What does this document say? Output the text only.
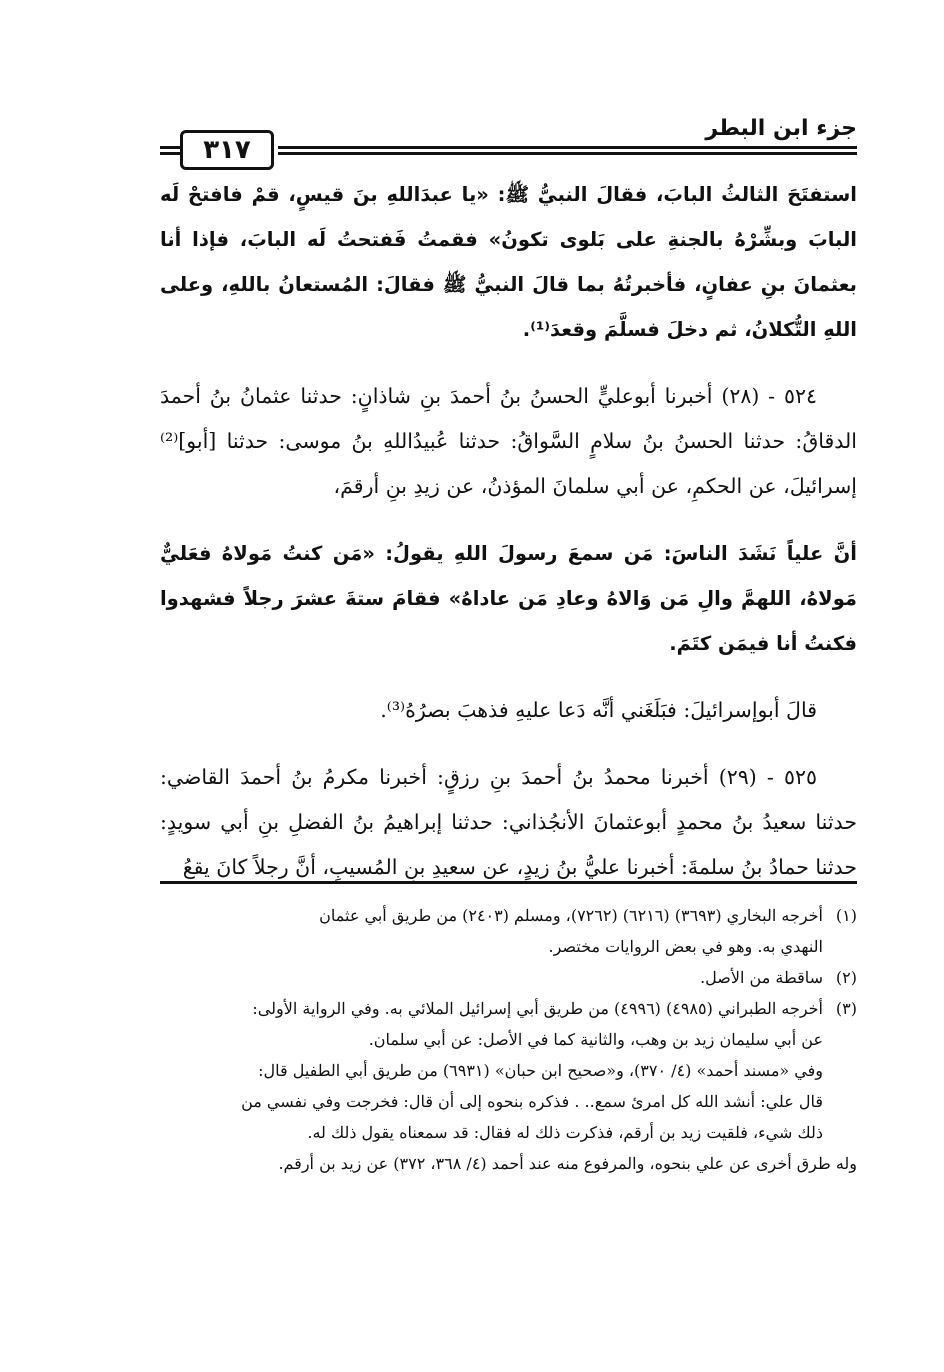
جزء ابن البطر
٣١٧

استفتَحَ الثالثُ البابَ، فقالَ النبيُّ ﷺ: «يا عبدَاللهِ بنَ قيسٍ، قمْ فافتحْ لَه البابَ وبشِّرْهُ بالجنةِ على بَلوى تكونُ» فقمتُ فَفتحتُ لَه البابَ، فإذا أنا بعثمانَ بنِ عفانٍ، فأخبرتُهُ بما قالَ النبيُّ ﷺ فقالَ: المُستعانُ باللهِ، وعلى اللهِ التُّكلانُ، ثم دخلَ فسلَّمَ وقعدَ⁽¹⁾.

٥٢٤ - (٢٨) أخبرنا أبوعليٍّ الحسنُ بنُ أحمدَ بنِ شاذانٍ: حدثنا عثمانُ بنُ أحمدَ الدقاقُ: حدثنا الحسنُ بنُ سلامٍ السَّواقُ: حدثنا عُبيدُاللهِ بنُ موسى: حدثنا [أبو]⁽²⁾ إسرائيلَ، عن الحكمِ، عن أبي سلمانَ المؤذنُ، عن زيدِ بنِ أرقمَ،

أنَّ علياً نَشَدَ الناسَ: مَن سمعَ رسولَ اللهِ يقولُ: «مَن كنتُ مَولاهُ فعَليٌّ مَولاهُ، اللهمَّ والِ مَن وَالاهُ وعادِ مَن عاداهُ» فقامَ ستةَ عشرَ رجلاً فشهدوا فكنتُ أنا فيمَن كتَمَ.

قالَ أبوإسرائيلَ: فبَلَغَني أنَّه دَعا عليهِ فذهبَ بصرُهُ⁽³⁾.

٥٢٥ - (٢٩) أخبرنا محمدُ بنُ أحمدَ بنِ رزقٍ: أخبرنا مكرمُ بنُ أحمدَ القاضي: حدثنا سعيدُ بنُ محمدٍ أبوعثمانَ الأنجُذاني: حدثنا إبراهيمُ بنُ الفضلِ بنِ أبي سويدٍ: حدثنا حمادُ بنُ سلمةَ: أخبرنا عليُّ بنُ زيدٍ، عن سعيدِ بنِ المُسيبِ، أنَّ رجلاً كانَ يقعُ

(١)أخرجه البخاري (٣٦٩٣) (٦٢١٦) (٧٢٦٢)، ومسلم (٢٤٠٣) من طريق أبي عثمان

النهدي به. وهو في بعض الروايات مختصر.

(٢)ساقطة من الأصل.

(٣)أخرجه الطبراني (٤٩٨٥) (٤٩٩٦) من طريق أبي إسرائيل الملائي به. وفي الرواية الأولى:

عن أبي سليمان زيد بن وهب، والثانية كما في الأصل: عن أبي سلمان.

وفي «مسند أحمد» (٤/ ٣٧٠)، و«صحيح ابن حبان» (٦٩٣١) من طريق أبي الطفيل قال:

قال علي: أنشد الله كل امرئ سمع.. . فذكره بنحوه إلى أن قال: فخرجت وفي نفسي من

ذلك شيء، فلقيت زيد بن أرقم، فذكرت ذلك له فقال: قد سمعناه يقول ذلك له.

وله طرق أخرى عن علي بنحوه، والمرفوع منه عند أحمد (٤/ ٣٦٨، ٣٧٢) عن زيد بن أرقم.
